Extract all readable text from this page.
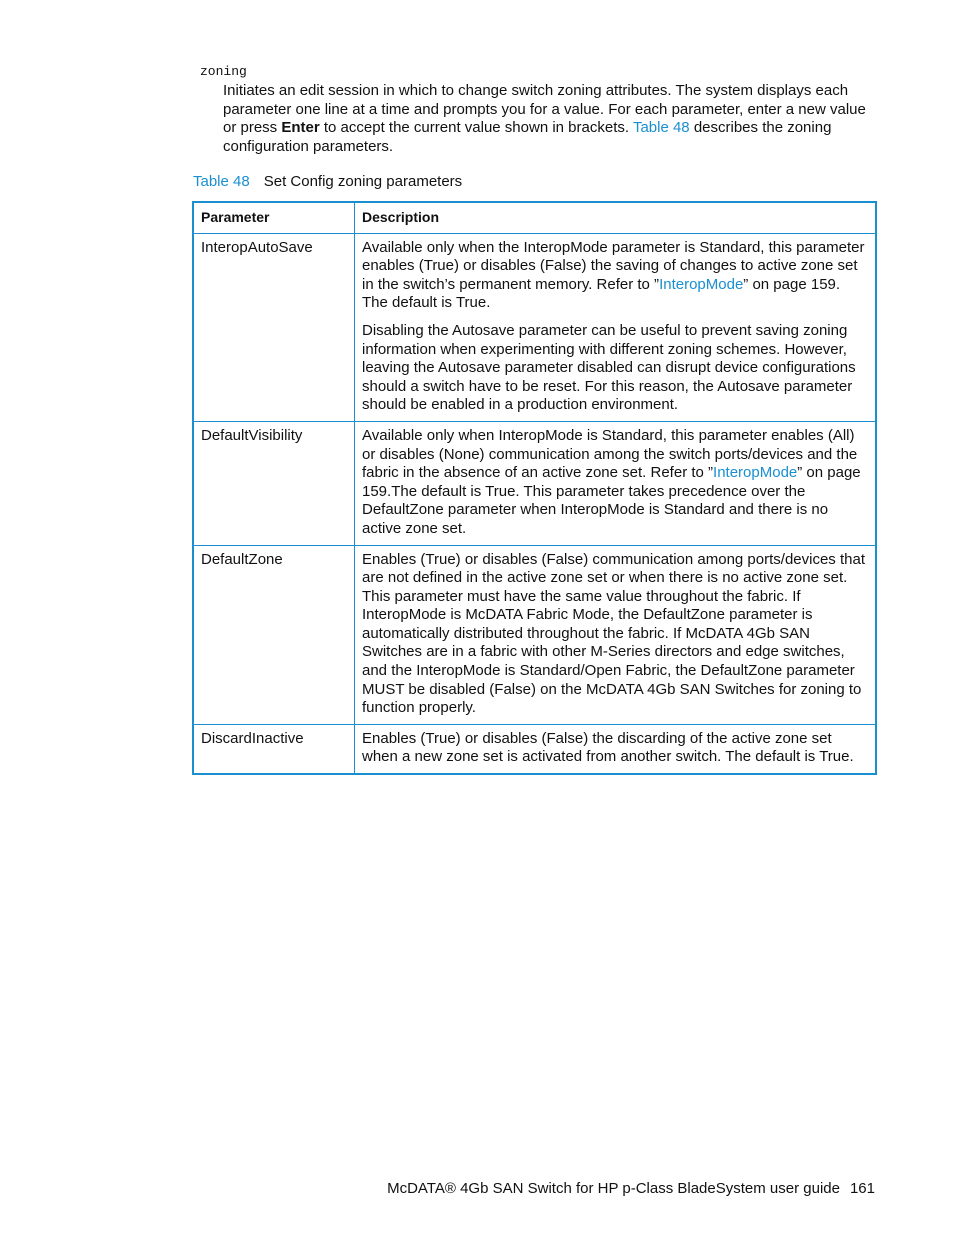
zoning
Initiates an edit session in which to change switch zoning attributes. The system displays each parameter one line at a time and prompts you for a value. For each parameter, enter a new value or press Enter to accept the current value shown in brackets. Table 48 describes the zoning configuration parameters.
Table 48 Set Config zoning parameters
Parameter	Description
InteropAutoSave	Available only when the InteropMode parameter is Standard, this parameter enables (True) or disables (False) the saving of changes to active zone set in the switch’s permanent memory. Refer to ”InteropMode” on page 159. The default is True.

Disabling the Autosave parameter can be useful to prevent saving zoning information when experimenting with different zoning schemes. However, leaving the Autosave parameter disabled can disrupt device configurations should a switch have to be reset. For this reason, the Autosave parameter should be enabled in a production environment.

DefaultVisibility	Available only when InteropMode is Standard, this parameter enables (All) or disables (None) communication among the switch ports/devices and the fabric in the absence of an active zone set. Refer to ”InteropMode” on page 159.The default is True. This parameter takes precedence over the DefaultZone parameter when InteropMode is Standard and there is no active zone set.

DefaultZone	Enables (True) or disables (False) communication among ports/devices that are not defined in the active zone set or when there is no active zone set. This parameter must have the same value throughout the fabric. If InteropMode is McDATA Fabric Mode, the DefaultZone parameter is automatically distributed throughout the fabric. If McDATA 4Gb SAN Switches are in a fabric with other M-Series directors and edge switches, and the InteropMode is Standard/Open Fabric, the DefaultZone parameter MUST be disabled (False) on the McDATA 4Gb SAN Switches for zoning to function properly.
DiscardInactive	Enables (True) or disables (False) the discarding of the active zone set when a new zone set is activated from another switch. The default is True.
McDATA® 4Gb SAN Switch for HP p-Class BladeSystem user guide 161
